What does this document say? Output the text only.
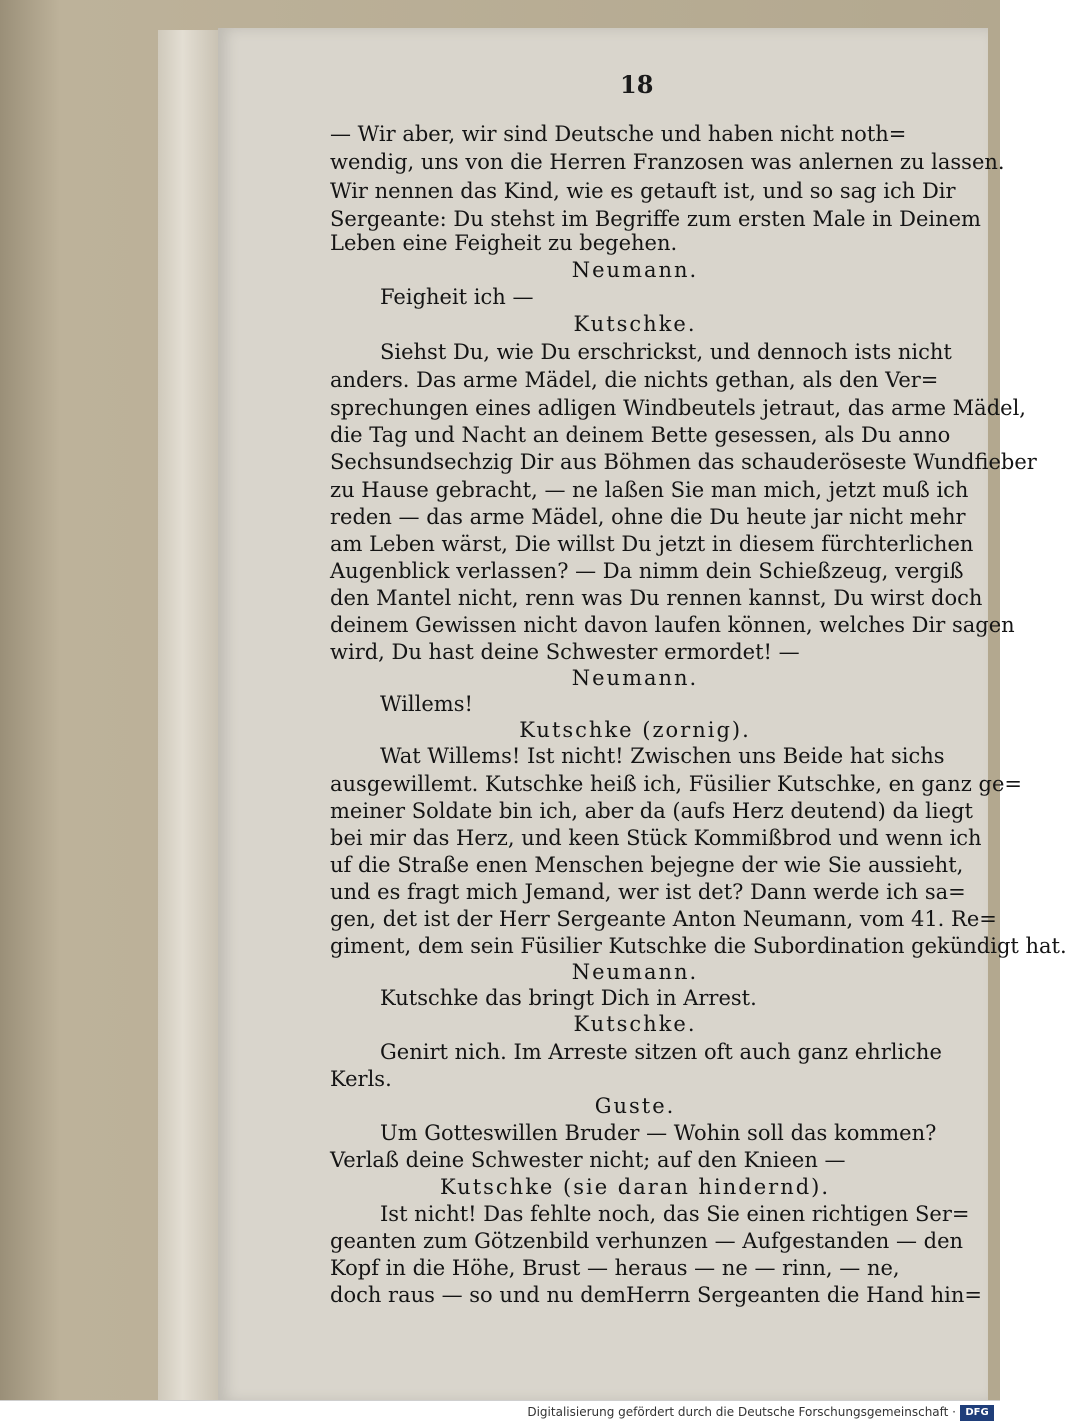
18
— Wir aber, wir sind Deutsche und haben nicht noth=
wendig, uns von die Herren Franzosen was anlernen zu lassen.
Wir nennen das Kind, wie es getauft ist, und so sag ich Dir
Sergeante: Du stehst im Begriffe zum ersten Male in Deinem
Leben eine Feigheit zu begehen.
Neumann.
Feigheit ich —
Kutschke.
Siehst Du, wie Du erschrickst, und dennoch ists nicht
anders. Das arme Mädel, die nichts gethan, als den Ver=
sprechungen eines adligen Windbeutels jetraut, das arme Mädel,
die Tag und Nacht an deinem Bette gesessen, als Du anno
Sechsundsechzig Dir aus Böhmen das schauderöseste Wundfieber
zu Hause gebracht, — ne laßen Sie man mich, jetzt muß ich
reden — das arme Mädel, ohne die Du heute jar nicht mehr
am Leben wärst, Die willst Du jetzt in diesem fürchterlichen
Augenblick verlassen? — Da nimm dein Schießzeug, vergiß
den Mantel nicht, renn was Du rennen kannst, Du wirst doch
deinem Gewissen nicht davon laufen können, welches Dir sagen
wird, Du hast deine Schwester ermordet! —
Neumann.
Willems!
Kutschke (zornig).
Wat Willems! Ist nicht! Zwischen uns Beide hat sichs
ausgewillemt. Kutschke heiß ich, Füsilier Kutschke, en ganz ge=
meiner Soldate bin ich, aber da (aufs Herz deutend) da liegt
bei mir das Herz, und keen Stück Kommißbrod und wenn ich
uf die Straße enen Menschen bejegne der wie Sie aussieht,
und es fragt mich Jemand, wer ist det? Dann werde ich sa=
gen, det ist der Herr Sergeante Anton Neumann, vom 41. Re=
giment, dem sein Füsilier Kutschke die Subordination gekündigt hat.
Neumann.
Kutschke das bringt Dich in Arrest.
Kutschke.
Genirt nich. Im Arreste sitzen oft auch ganz ehrliche
Kerls.
Guste.
Um Gotteswillen Bruder — Wohin soll das kommen?
Verlaß deine Schwester nicht; auf den Knieen —
Kutschke (sie daran hindernd).
Ist nicht! Das fehlte noch, das Sie einen richtigen Ser=
geanten zum Götzenbild verhunzen — Aufgestanden — den
Kopf in die Höhe, Brust — heraus — ne — rinn, — ne,
doch raus — so und nu demHerrn Sergeanten die Hand hin=
Digitalisierung gefördert durch die Deutsche Forschungsgemeinschaft · DFG
